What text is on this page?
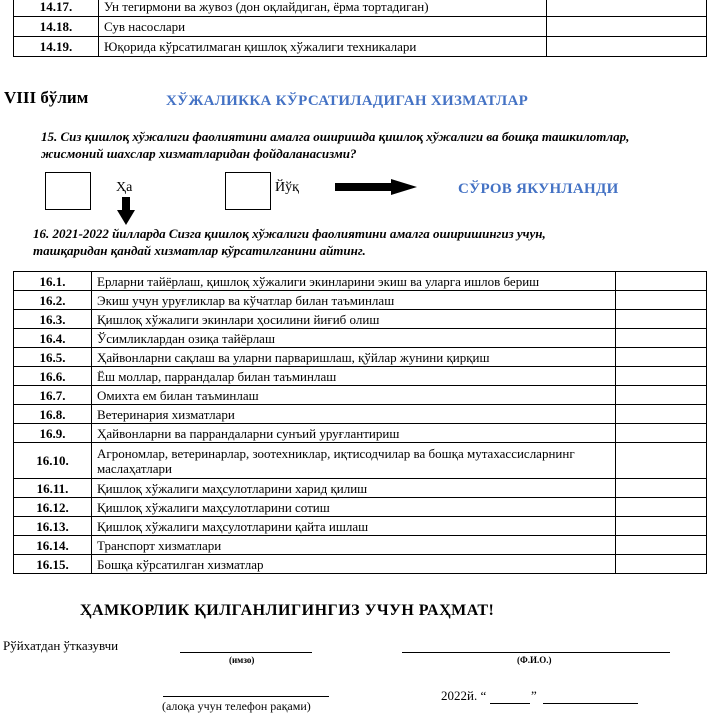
14.17.	Ун тегирмони ва жувоз (дон оқлайдиган, ёрма тортадиган)	
14.18.	Сув насослари	
14.19.	Юқорида кўрсатилмаган қишлоқ хўжалиги техникалари	
VIII бўлим	ХЎЖАЛИККА КЎРСАТИЛАДИГАН ХИЗМАТЛАР
15. Сиз қишлоқ хўжалиги фаолиятини амалга оширишда қишлоқ хўжалиги ва бошқа ташкилотлар,
жисмоний шахслар хизматларидан фойдаланасизми?
Ҳа	Йўқ	СЎРОВ ЯКУНЛАНДИ
16. 2021-2022 йилларда Сизга қишлоқ хўжалиги фаолиятини амалга оширишингиз учун,
ташқаридан қандай хизматлар кўрсатилганини айтинг.
16.1.	Ерларни тайёрлаш, қишлоқ хўжалиги экинларини экиш ва уларга ишлов бериш	
16.2.	Экиш учун уруғликлар ва кўчатлар билан таъминлаш	
16.3.	Қишлоқ хўжалиги экинлари ҳосилини йиғиб олиш	
16.4.	Ўсимликлардан озиқа тайёрлаш	
16.5.	Ҳайвонларни сақлаш ва уларни парваришлаш, қўйлар жунини қирқиш	
16.6.	Ёш моллар, паррандалар билан таъминлаш	
16.7.	Омихта ем билан таъминлаш	
16.8.	Ветеринария хизматлари	
16.9.	Ҳайвонларни ва паррандаларни сунъий уруғлантириш	
16.10.	Агрономлар, ветеринарлар, зоотехниклар, иқтисодчилар ва бошқа мутахассисларнинг маслаҳатлари	
16.11.	Қишлоқ хўжалиги маҳсулотларини харид қилиш	
16.12.	Қишлоқ хўжалиги маҳсулотларини сотиш	
16.13.	Қишлоқ хўжалиги маҳсулотларини қайта ишлаш	
16.14.	Транспорт хизматлари	
16.15.	Бошқа кўрсатилган хизматлар	
ҲАМКОРЛИК ҚИЛГАНЛИГИНГИЗ УЧУН РАҲМАТ!
Рўйхатдан ўтказувчи
(имзо)	(Ф.И.О.)
(алоқа учун телефон рақами)
2022й. “	”
